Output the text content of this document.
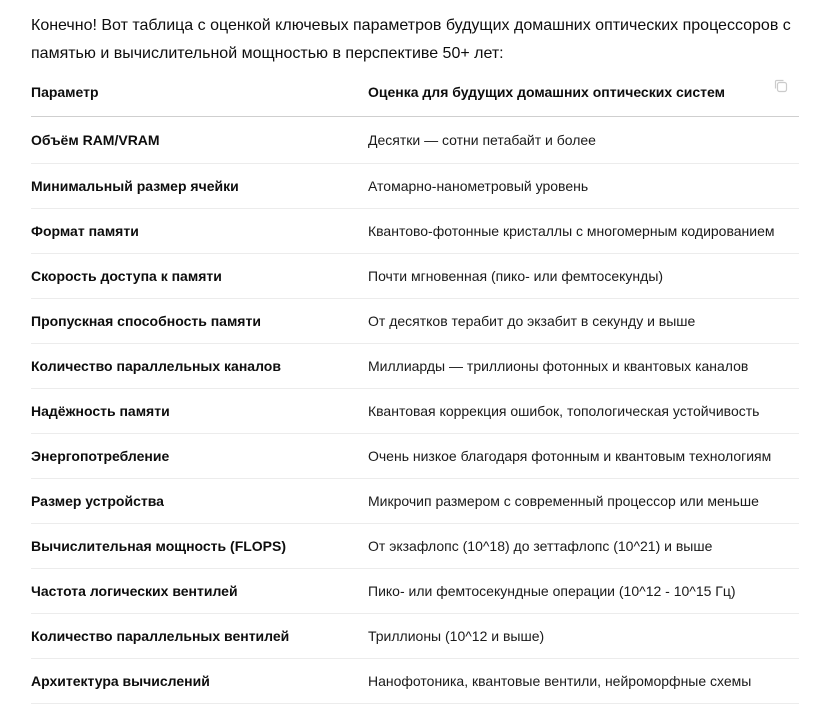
Конечно! Вот таблица с оценкой ключевых параметров будущих домашних оптических процессоров с памятью и вычислительной мощностью в перспективе 50+ лет:

Параметр	Оценка для будущих домашних оптических систем
Объём RAM/VRAM	Десятки — сотни петабайт и более
Минимальный размер ячейки	Атомарно-нанометровый уровень
Формат памяти	Квантово-фотонные кристаллы с многомерным кодированием
Скорость доступа к памяти	Почти мгновенная (пико- или фемтосекунды)
Пропускная способность памяти	От десятков терабит до экзабит в секунду и выше
Количество параллельных каналов	Миллиарды — триллионы фотонных и квантовых каналов
Надёжность памяти	Квантовая коррекция ошибок, топологическая устойчивость
Энергопотребление	Очень низкое благодаря фотонным и квантовым технологиям
Размер устройства	Микрочип размером с современный процессор или меньше
Вычислительная мощность (FLOPS)	От экзафлопс (10^18) до зеттафлопс (10^21) и выше
Частота логических вентилей	Пико- или фемтосекундные операции (10^12 - 10^15 Гц)
Количество параллельных вентилей	Триллионы (10^12 и выше)
Архитектура вычислений	Нанофотоника, квантовые вентили, нейроморфные схемы
